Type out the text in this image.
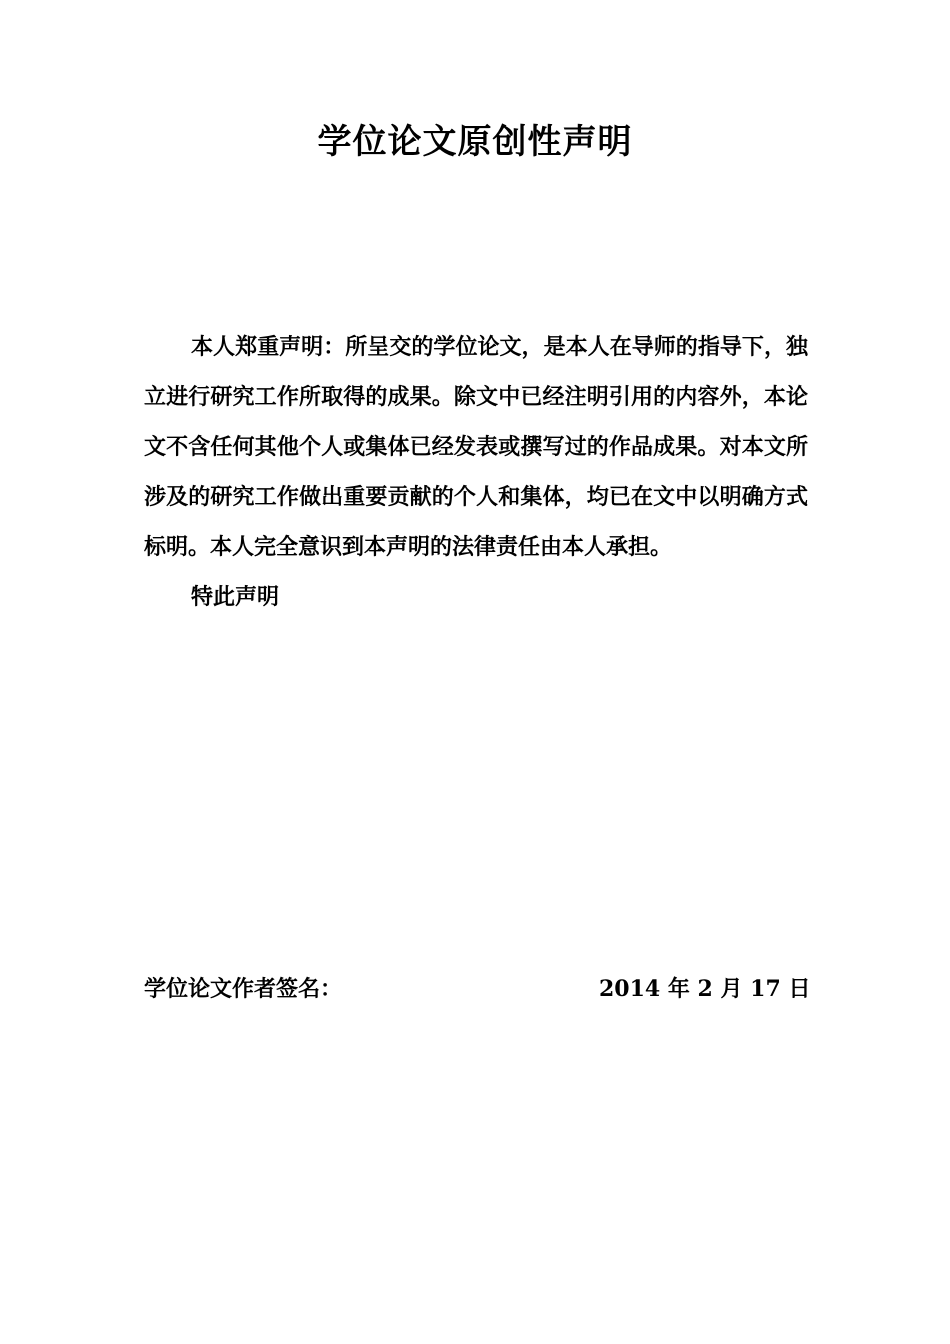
学位论文原创性声明

本人郑重声明：所呈交的学位论文，是本人在导师的指导下，独立进行研究工作所取得的成果。除文中已经注明引用的内容外，本论文不含任何其他个人或集体已经发表或撰写过的作品成果。对本文所涉及的研究工作做出重要贡献的个人和集体，均已在文中以明确方式标明。本人完全意识到本声明的法律责任由本人承担。

特此声明

学位论文作者签名：	2014 年 2 月 17 日
